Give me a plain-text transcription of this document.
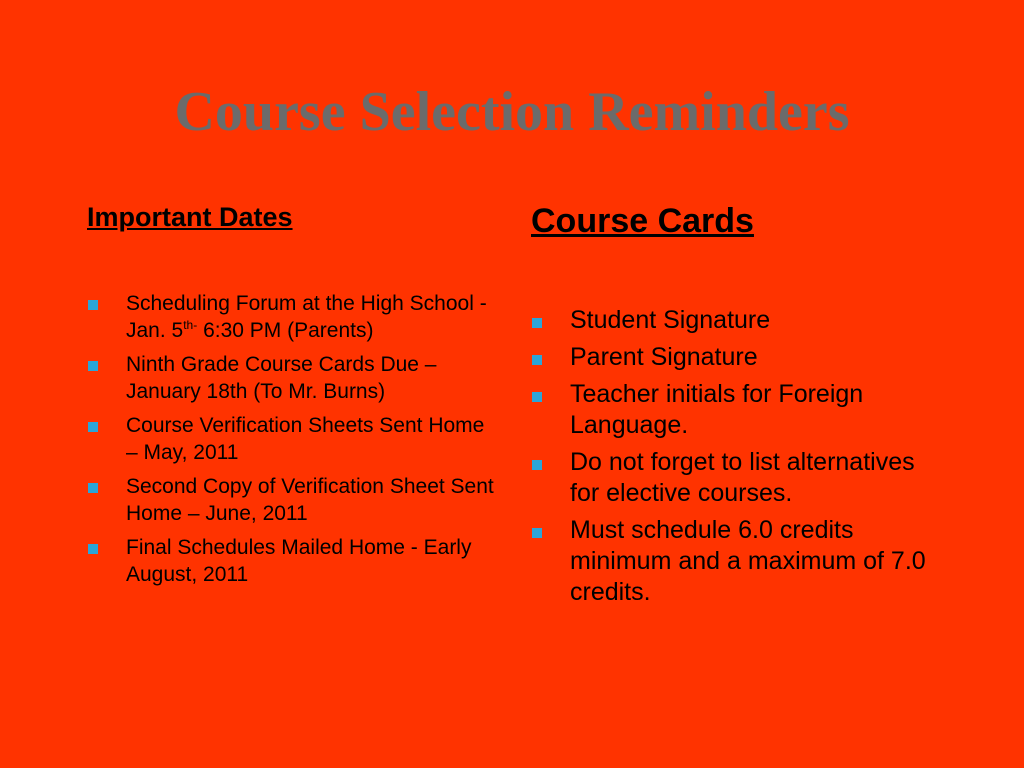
Course Selection Reminders
Important Dates
Scheduling Forum at the High School - Jan. $5^{th-}$ 6:30 PM (Parents)
Ninth Grade Course Cards Due –January 18th (To Mr. Burns)
Course Verification Sheets Sent Home – May, 2011
Second Copy of Verification Sheet Sent Home – June, 2011
Final Schedules Mailed Home - Early August, 2011
Course Cards
Student Signature
Parent Signature
Teacher initials for Foreign Language.
Do not forget to list alternatives for elective courses.
Must schedule 6.0 credits minimum and a maximum of 7.0 credits.
